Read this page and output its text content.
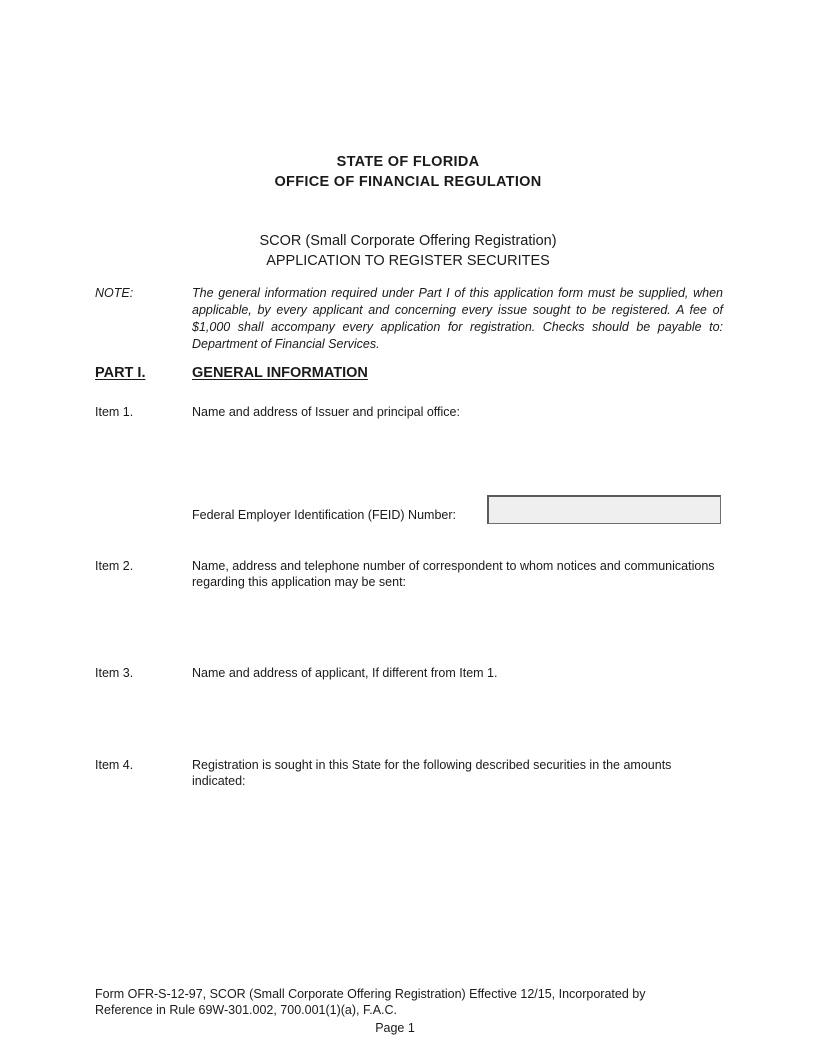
STATE OF FLORIDA
OFFICE OF FINANCIAL REGULATION
SCOR (Small Corporate Offering Registration)
APPLICATION TO REGISTER SECURITES
NOTE:	The general information required under Part I of this application form must be supplied, when applicable, by every applicant and concerning every issue sought to be registered. A fee of $1,000 shall accompany every application for registration. Checks should be payable to: Department of Financial Services.
PART I.	GENERAL INFORMATION
Item 1.	Name and address of Issuer and principal office:
Federal Employer Identification (FEID) Number:
Item 2.	Name, address and telephone number of correspondent to whom notices and communications regarding this application may be sent:
Item 3.	Name and address of applicant, If different from Item 1.
Item 4.	Registration is sought in this State for the following described securities in the amounts indicated:
Form OFR-S-12-97, SCOR (Small Corporate Offering Registration) Effective 12/15, Incorporated by Reference in Rule 69W-301.002, 700.001(1)(a), F.A.C.
Page 1
